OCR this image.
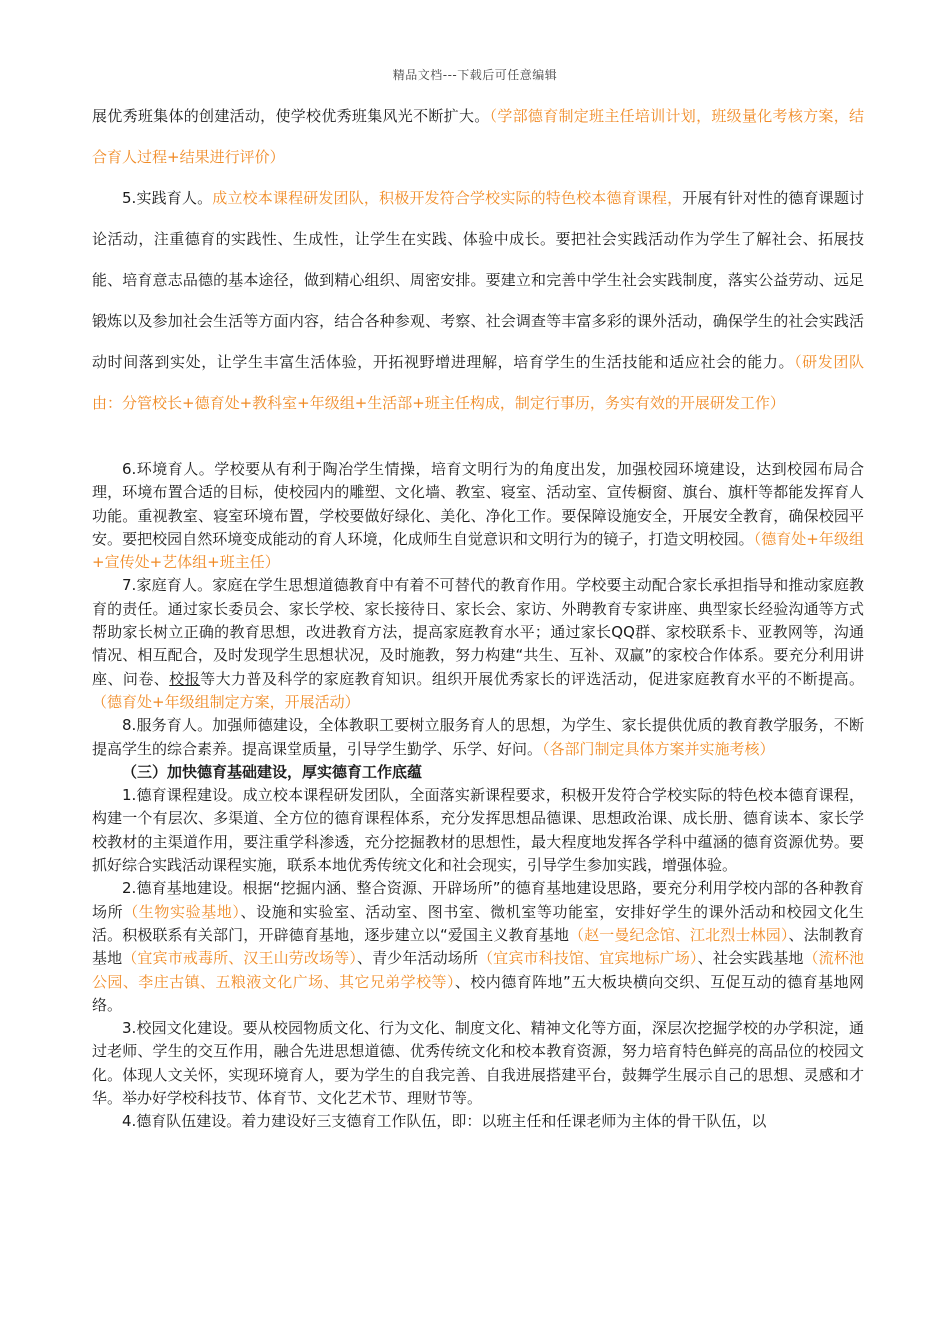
精品文档---下载后可任意编辑

展优秀班集体的创建活动，使学校优秀班集风光不断扩大。（学部德育制定班主任培训计划，班级量化考核方案，结合育人过程+结果进行评价）

5.实践育人。成立校本课程研发团队，积极开发符合学校实际的特色校本德育课程，开展有针对性的德育课题讨论活动，注重德育的实践性、生成性，让学生在实践、体验中成长。要把社会实践活动作为学生了解社会、拓展技能、培育意志品德的基本途径，做到精心组织、周密安排。要建立和完善中学生社会实践制度，落实公益劳动、远足锻炼以及参加社会生活等方面内容，结合各种参观、考察、社会调查等丰富多彩的课外活动，确保学生的社会实践活动时间落到实处，让学生丰富生活体验，开拓视野增进理解，培育学生的生活技能和适应社会的能力。（研发团队由：分管校长+德育处+教科室+年级组+生活部+班主任构成，制定行事历，务实有效的开展研发工作）

6.环境育人。学校要从有利于陶冶学生情操，培育文明行为的角度出发，加强校园环境建设，达到校园布局合理，环境布置合适的目标，使校园内的雕塑、文化墙、教室、寝室、活动室、宣传橱窗、旗台、旗杆等都能发挥育人功能。重视教室、寝室环境布置，学校要做好绿化、美化、净化工作。要保障设施安全，开展安全教育，确保校园平安。要把校园自然环境变成能动的育人环境，化成师生自觉意识和文明行为的镜子，打造文明校园。（德育处+年级组+宣传处+艺体组+班主任）

7.家庭育人。家庭在学生思想道德教育中有着不可替代的教育作用。学校要主动配合家长承担指导和推动家庭教育的责任。通过家长委员会、家长学校、家长接待日、家长会、家访、外聘教育专家讲座、典型家长经验沟通等方式帮助家长树立正确的教育思想，改进教育方法，提高家庭教育水平；通过家长QQ群、家校联系卡、亚教网等，沟通情况、相互配合，及时发现学生思想状况，及时施教，努力构建“共生、互补、双赢”的家校合作体系。要充分利用讲座、问卷、校报等大力普及科学的家庭教育知识。组织开展优秀家长的评选活动，促进家庭教育水平的不断提高。（德育处+年级组制定方案，开展活动）

8.服务育人。加强师德建设，全体教职工要树立服务育人的思想，为学生、家长提供优质的教育教学服务，不断提高学生的综合素养。提高课堂质量，引导学生勤学、乐学、好问。（各部门制定具体方案并实施考核）

（三）加快德育基础建设，厚实德育工作底蕴

1.德育课程建设。成立校本课程研发团队，全面落实新课程要求，积极开发符合学校实际的特色校本德育课程，构建一个有层次、多渠道、全方位的德育课程体系，充分发挥思想品德课、思想政治课、成长册、德育读本、家长学校教材的主渠道作用，要注重学科渗透，充分挖掘教材的思想性，最大程度地发挥各学科中蕴涵的德育资源优势。要抓好综合实践活动课程实施，联系本地优秀传统文化和社会现实，引导学生参加实践，增强体验。

2.德育基地建设。根据“挖掘内涵、整合资源、开辟场所”的德育基地建设思路，要充分利用学校内部的各种教育场所（生物实验基地）、设施和实验室、活动室、图书室、微机室等功能室，安排好学生的课外活动和校园文化生活。积极联系有关部门，开辟德育基地，逐步建立以“爱国主义教育基地（赵一曼纪念馆、江北烈士林园）、法制教育基地（宜宾市戒毒所、汉王山劳改场等）、青少年活动场所（宜宾市科技馆、宜宾地标广场）、社会实践基地（流杯池公园、李庄古镇、五粮液文化广场、其它兄弟学校等）、校内德育阵地”五大板块横向交织、互促互动的德育基地网络。

3.校园文化建设。要从校园物质文化、行为文化、制度文化、精神文化等方面，深层次挖掘学校的办学积淀，通过老师、学生的交互作用，融合先进思想道德、优秀传统文化和校本教育资源，努力培育特色鲜亮的高品位的校园文化。体现人文关怀，实现环境育人，要为学生的自我完善、自我进展搭建平台，鼓舞学生展示自己的思想、灵感和才华。举办好学校科技节、体育节、文化艺术节、理财节等。

4.德育队伍建设。着力建设好三支德育工作队伍，即：以班主任和任课老师为主体的骨干队伍，以
